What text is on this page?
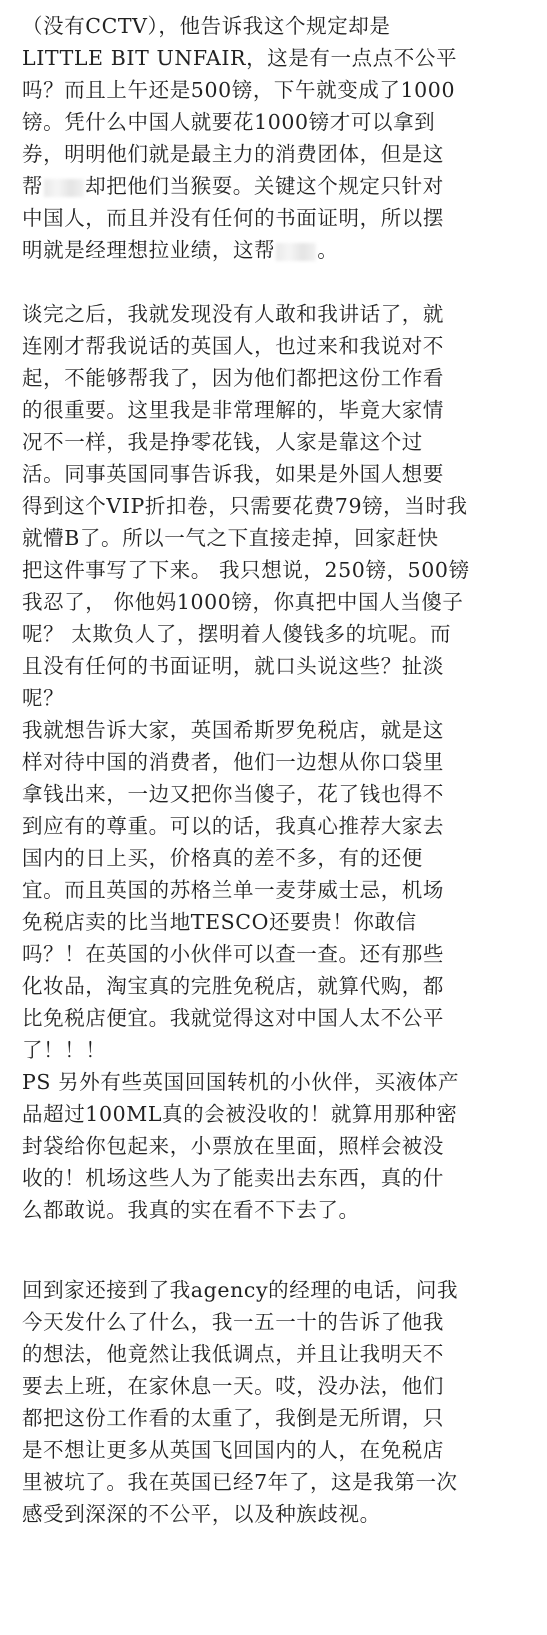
（没有CCTV），他告诉我这个规定却是
LITTLE BIT UNFAIR，这是有一点点不公平
吗？而且上午还是500镑，下午就变成了1000
镑。凭什么中国人就要花1000镑才可以拿到
券，明明他们就是最主力的消费团体，但是这
帮 却把他们当猴耍。关键这个规定只针对
中国人，而且并没有任何的书面证明，所以摆
明就是经理想拉业绩，这帮 。
谈完之后，我就发现没有人敢和我讲话了，就
连刚才帮我说话的英国人，也过来和我说对不
起，不能够帮我了，因为他们都把这份工作看
的很重要。这里我是非常理解的，毕竟大家情
况不一样，我是挣零花钱，人家是靠这个过
活。同事英国同事告诉我，如果是外国人想要
得到这个VIP折扣卷，只需要花费79镑，当时我
就懵B了。所以一气之下直接走掉，回家赶快
把这件事写了下来。 我只想说，250镑，500镑
我忍了， 你他妈1000镑，你真把中国人当傻子
呢？ 太欺负人了，摆明着人傻钱多的坑呢。而
且没有任何的书面证明，就口头说这些？扯淡
呢？
我就想告诉大家，英国希斯罗免税店，就是这
样对待中国的消费者，他们一边想从你口袋里
拿钱出来，一边又把你当傻子，花了钱也得不
到应有的尊重。可以的话，我真心推荐大家去
国内的日上买，价格真的差不多，有的还便
宜。而且英国的苏格兰单一麦芽威士忌，机场
免税店卖的比当地TESCO还要贵！你敢信
吗？！在英国的小伙伴可以查一查。还有那些
化妆品，淘宝真的完胜免税店，就算代购，都
比免税店便宜。我就觉得这对中国人太不公平
了！！！
PS 另外有些英国回国转机的小伙伴，买液体产
品超过100ML真的会被没收的！就算用那种密
封袋给你包起来，小票放在里面，照样会被没
收的！机场这些人为了能卖出去东西，真的什
么都敢说。我真的实在看不下去了。
回到家还接到了我agency的经理的电话，问我
今天发什么了什么，我一五一十的告诉了他我
的想法，他竟然让我低调点，并且让我明天不
要去上班，在家休息一天。哎，没办法，他们
都把这份工作看的太重了，我倒是无所谓，只
是不想让更多从英国飞回国内的人，在免税店
里被坑了。我在英国已经7年了，这是我第一次
感受到深深的不公平，以及种族歧视。
